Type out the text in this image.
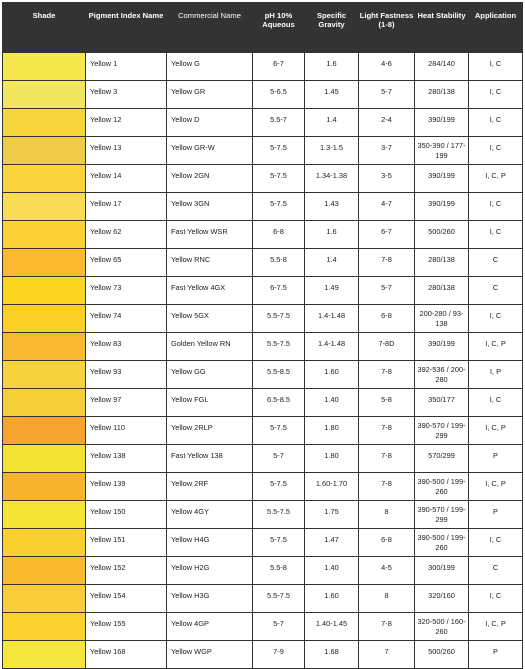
Shade	Pigment Index Name	Commercial Name	pH 10% Aqueous	Specific Gravity	Light Fastness (1-8)	Heat Stability	Application

	Yellow 1	Yellow G	6-7	1.6	4-6	284/140	I, C

	Yellow 3	Yellow GR	5-6.5	1.45	5-7	280/138	I, C

	Yellow 12	Yellow D	5.5-7	1.4	2-4	390/199	I, C

	Yellow 13	Yellow GR-W	5-7.5	1.3-1.5	3-7	350-390 / 177-199	I, C

	Yellow 14	Yellow 2GN	5-7.5	1.34-1.38	3-5	390/199	I, C, P

	Yellow 17	Yellow 3GN	5-7.5	1.43	4-7	390/199	I, C

	Yellow 62	Fast Yellow WSR	6-8	1.6	6-7	500/260	I, C

	Yellow 65	Yellow RNC	5.5-8	1.4	7-8	280/138	C

	Yellow 73	Fast Yellow 4GX	6-7.5	1.49	5-7	280/138	C

	Yellow 74	Yellow 5GX	5.5-7.5	1.4-1.48	6-8	200-280 / 93-138	I, C

	Yellow 83	Golden Yellow RN	5.5-7.5	1.4-1.48	7-8D	390/199	I, C, P

	Yellow 93	Yellow GG	5.5-8.5	1.60	7-8	392-536 / 200-280	I, P

	Yellow 97	Yellow FGL	6.5-8.5	1.40	5-8	350/177	I, C

	Yellow 110	Yellow 2RLP	5-7.5	1.80	7-8	390-570 / 199-299	I, C, P

	Yellow 138	Fast Yellow 138	5-7	1.80	7-8	570/299	P

	Yellow 139	Yellow 2RF	5-7.5	1.60-1.70	7-8	390-500 / 199-260	I, C, P

	Yellow 150	Yellow 4GY	5.5-7.5	1.75	8	390-570 / 199-299	P

	Yellow 151	Yellow H4G	5-7.5	1.47	6-8	390-500 / 199-260	I, C

	Yellow 152	Yellow H2G	5.5-8	1.40	4-5	300/199	C

	Yellow 154	Yellow H3G	5.5-7.5	1.60	8	320/160	I, C

	Yellow 155	Yellow 4GP	5-7	1.40-1.45	7-8	320-500 / 160-260	I, C, P

	Yellow 168	Yellow WGP	7-9	1.68	7	500/260	P
